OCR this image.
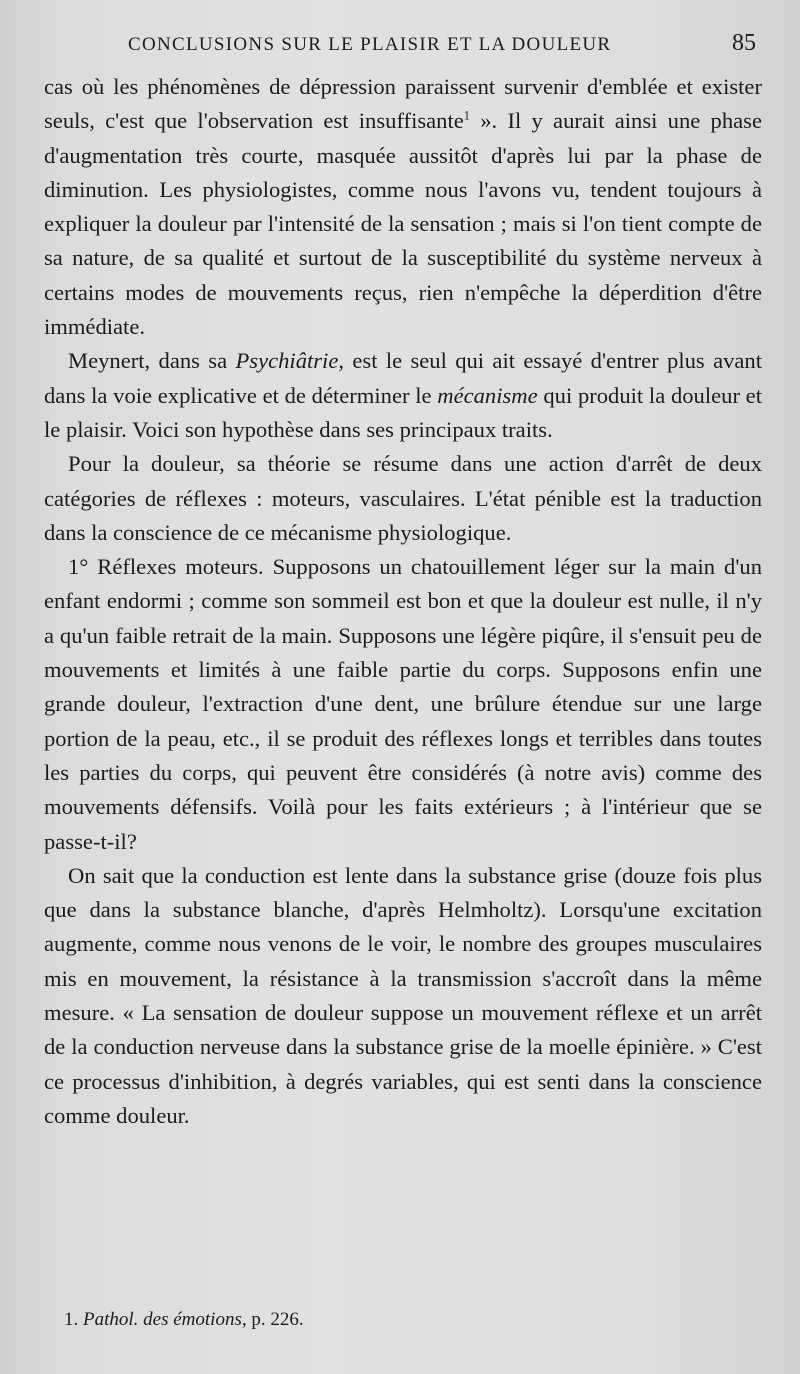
CONCLUSIONS SUR LE PLAISIR ET LA DOULEUR	85

cas où les phénomènes de dépression paraissent survenir d'emblée et exister seuls, c'est que l'observation est insuffisante$^1$ ». Il y aurait ainsi une phase d'augmentation très courte, masquée aussitôt d'après lui par la phase de diminution. Les physiologistes, comme nous l'avons vu, tendent toujours à expliquer la douleur par l'intensité de la sensation ; mais si l'on tient compte de sa nature, de sa qualité et surtout de la susceptibilité du système nerveux à certains modes de mouvements reçus, rien n'empêche la déperdition d'être immédiate.

Meynert, dans sa Psychiâtrie, est le seul qui ait essayé d'entrer plus avant dans la voie explicative et de déterminer le mécanisme qui produit la douleur et le plaisir. Voici son hypothèse dans ses principaux traits.

Pour la douleur, sa théorie se résume dans une action d'arrêt de deux catégories de réflexes : moteurs, vasculaires. L'état pénible est la traduction dans la conscience de ce mécanisme physiologique.

1° Réflexes moteurs. Supposons un chatouillement léger sur la main d'un enfant endormi ; comme son sommeil est bon et que la douleur est nulle, il n'y a qu'un faible retrait de la main. Supposons une légère piqûre, il s'ensuit peu de mouvements et limités à une faible partie du corps. Supposons enfin une grande douleur, l'extraction d'une dent, une brûlure étendue sur une large portion de la peau, etc., il se produit des réflexes longs et terribles dans toutes les parties du corps, qui peuvent être considérés (à notre avis) comme des mouvements défensifs. Voilà pour les faits extérieurs ; à l'intérieur que se passe-t-il?

On sait que la conduction est lente dans la substance grise (douze fois plus que dans la substance blanche, d'après Helmholtz). Lorsqu'une excitation augmente, comme nous venons de le voir, le nombre des groupes musculaires mis en mouvement, la résistance à la transmission s'accroît dans la même mesure. « La sensation de douleur suppose un mouvement réflexe et un arrêt de la conduction nerveuse dans la substance grise de la moelle épinière. » C'est ce processus d'inhibition, à degrés variables, qui est senti dans la conscience comme douleur.

1. Pathol. des émotions, p. 226.
